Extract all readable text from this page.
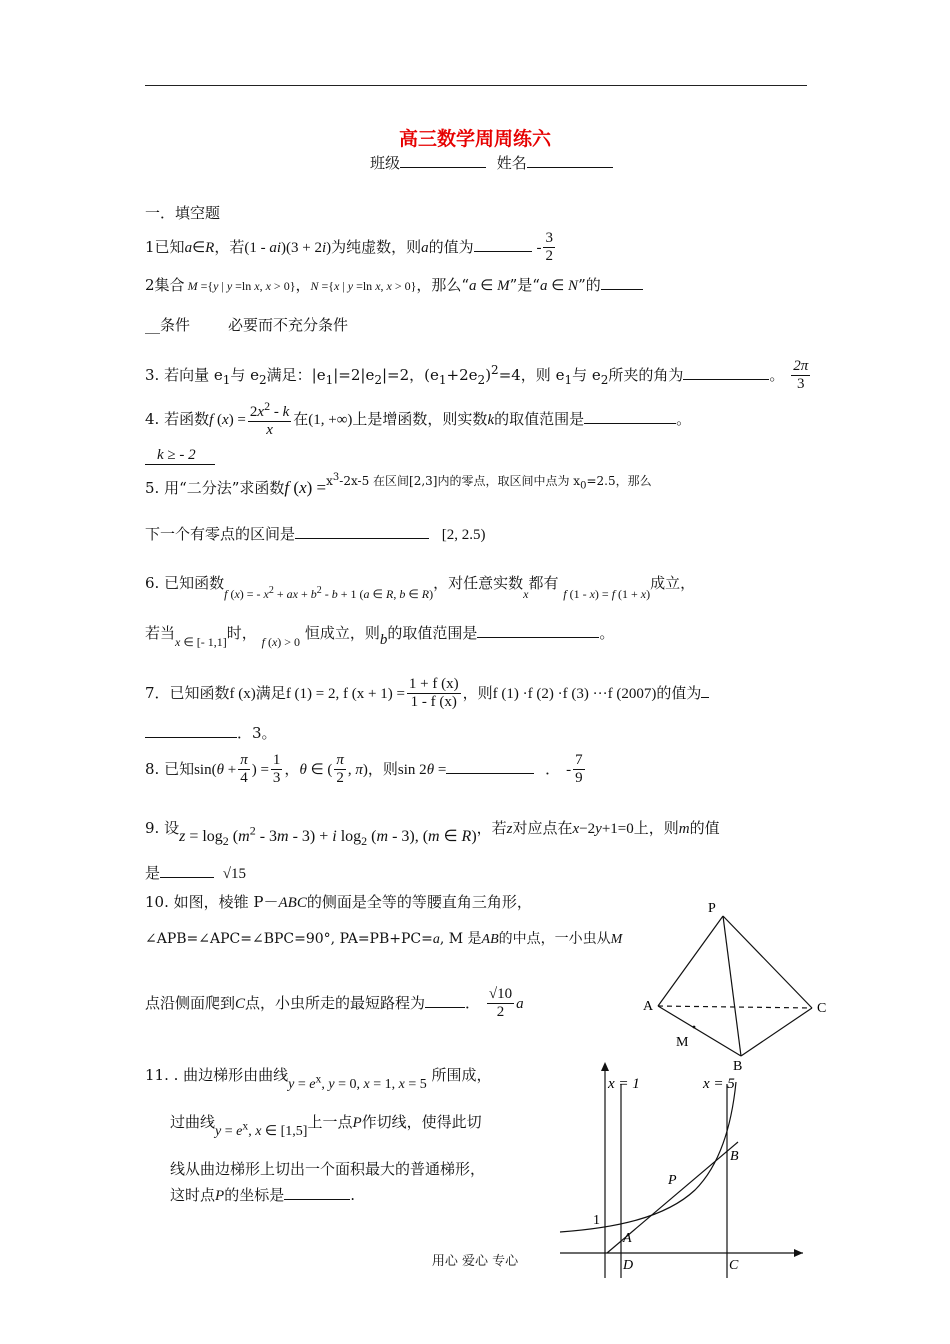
高三数学周周练六
班级	姓名
一．填空题
1已知a∈R，若(1 - ai)(3 + 2i)为纯虚数，则a的值为	- $\frac{3}{2}$
2集合 M ={y | y =ln x, x > 0}，N ={x | y =ln x, x > 0}，那么“a ∈ M”是“a ∈ N”的
__条件	必要而不充分条件
3. 若向量 $e_1$与 $e_2$满足：$|e_1|=2|e_2|=2$，$(e_1+2e_2)^2=4$，则 $e_1$与 $e_2$所夹的角为	。 $\frac{2\pi}{3}$
4. 若函数f $(x) = \frac{2x^2 - k}{x}$ 在(1, +∞)上是增函数，则实数k的取值范围是	。
k ≥ - 2
5. 用“二分法”求函数f (x) =$^{x^3-2x-5 在区间[2,3]内的零点,取区间中点为 x_0=2.5,那么}$
下一个有零点的区间是	[2, 2.5)
6. 已知函数$_{f (x) = - x^2 + ax + b^2 - b + 1 (a \in R, b \in R)}$，对任意实数$_x$都有 $_{f (1 - x) = f (1 + x)}$成立，
若当$_{x \in [- 1,1]}$时， $_{f (x) > 0}$ 恒成立，则b的取值范围是	。
7．已知函数f (x)满足f (1) = 2, f $(x + 1) = \frac{1 + f (x)}{1 - f (x)}$ ，则f (1) ·f (2) ·f (3) ···f (2007)的值为
．3。
8. 已知$\sin(\theta + \frac{\pi}{4}$ ) = $\frac{1}{3}$ ，θ ∈ ( $\frac{\pi}{2}$ , π)，则sin 2θ =	． - $\frac{7}{9}$
9. 设$z = \log_2 (m^2 - 3m - 3) + i$ $\log_2 (m - 3)$, (m ∈ R)，若z对应点在x−2y+1=0上，则m的值
是	√15
10. 如图，棱锥 P－ABC的侧面是全等的等腰直角三角形，
∠APB=∠APC=∠BPC=90°, PA=PB+PC=a, M 是AB的中点，一小虫从M
点沿侧面爬到C点，小虫所走的最短路程为	． $\frac{√10}{2}$ a
11. . 曲边梯形由曲线$y = e^x$, y = 0, x = 1, x = 5 所围成，
过曲线$y = e^x$, x ∈ [1,5]上一点P作切线，使得此切
线从曲边梯形上切出一个面积最大的普通梯形，
这时点P的坐标是	.
P
A	C
B
M
x = 1	x = 5
1
A
B
P
D	C
用心 爱心 专心
